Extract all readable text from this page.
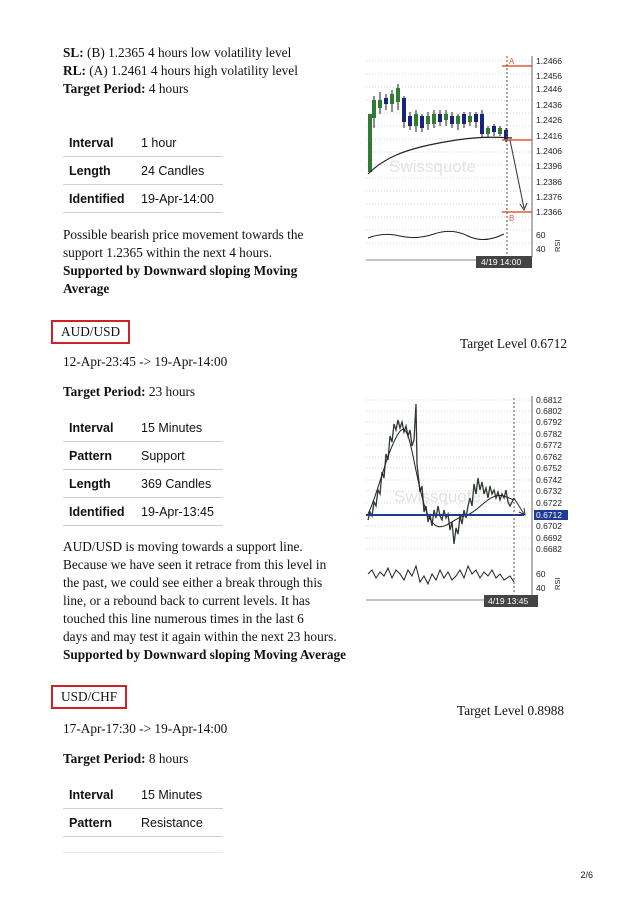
SL: (B) 1.2365 4 hours low volatility level
RL: (A) 1.2461 4 hours high volatility level
Target Period: 4 hours
Interval	1 hour
Length	24 Candles
Identified	19-Apr-14:00
Possible bearish price movement towards the
support 1.2365 within the next 4 hours.
Supported by Downward sloping Moving
Average
Swissquote
A
B
1.2466
1.2456
1.2446
1.2436
1.2426
1.2416
1.2406
1.2396
1.2386
1.2376
1.2366
60
40 RSI
4/19 14:00
AUD/USD
Target Level 0.6712
12-Apr-23:45 -> 19-Apr-14:00
Target Period: 23 hours
Interval	15 Minutes
Pattern	Support
Length	369 Candles
Identified	19-Apr-13:45
AUD/USD is moving towards a support line.
Because we have seen it retrace from this level in
the past, we could see either a break through this
line, or a rebound back to current levels. It has
touched this line numerous times in the last 6
days and may test it again within the next 23 hours.
Supported by Downward sloping Moving Average
Swissquote
0.6812
0.6802
0.6792
0.6782
0.6772
0.6762
0.6752
0.6742
0.6732
0.6722
0.6712
0.6702
0.6692
0.6682
60
40 RSI
4/19 13:45
USD/CHF
Target Level 0.8988
17-Apr-17:30 -> 19-Apr-14:00
Target Period: 8 hours
Interval	15 Minutes
Pattern	Resistance
2/6
